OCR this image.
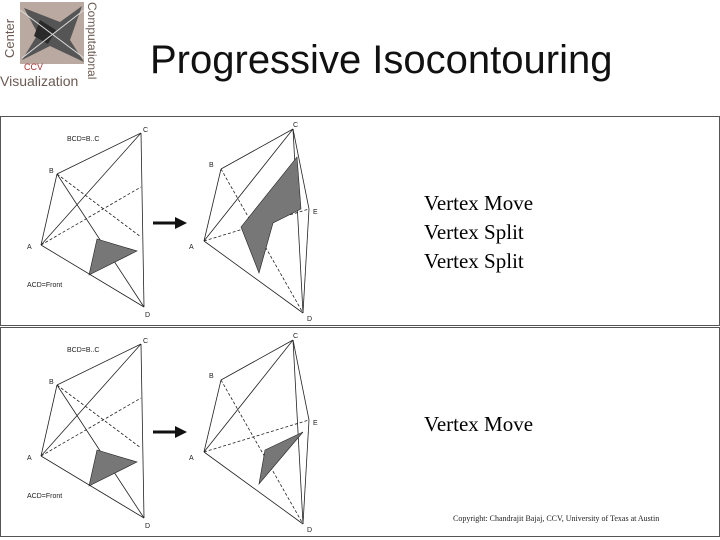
Center	Computational
Visualization
CCV	Progressive Isocontouring
C
B
A
D
BCD=B..C
ACD=Front
C
B
E
A
D
Vertex Move
Vertex Split
Vertex Split
C
B
A
D
BCD=B..C
ACD=Front
C
B
E
A
D
Vertex Move
Copyright: Chandrajit Bajaj, CCV, University of Texas at Austin
